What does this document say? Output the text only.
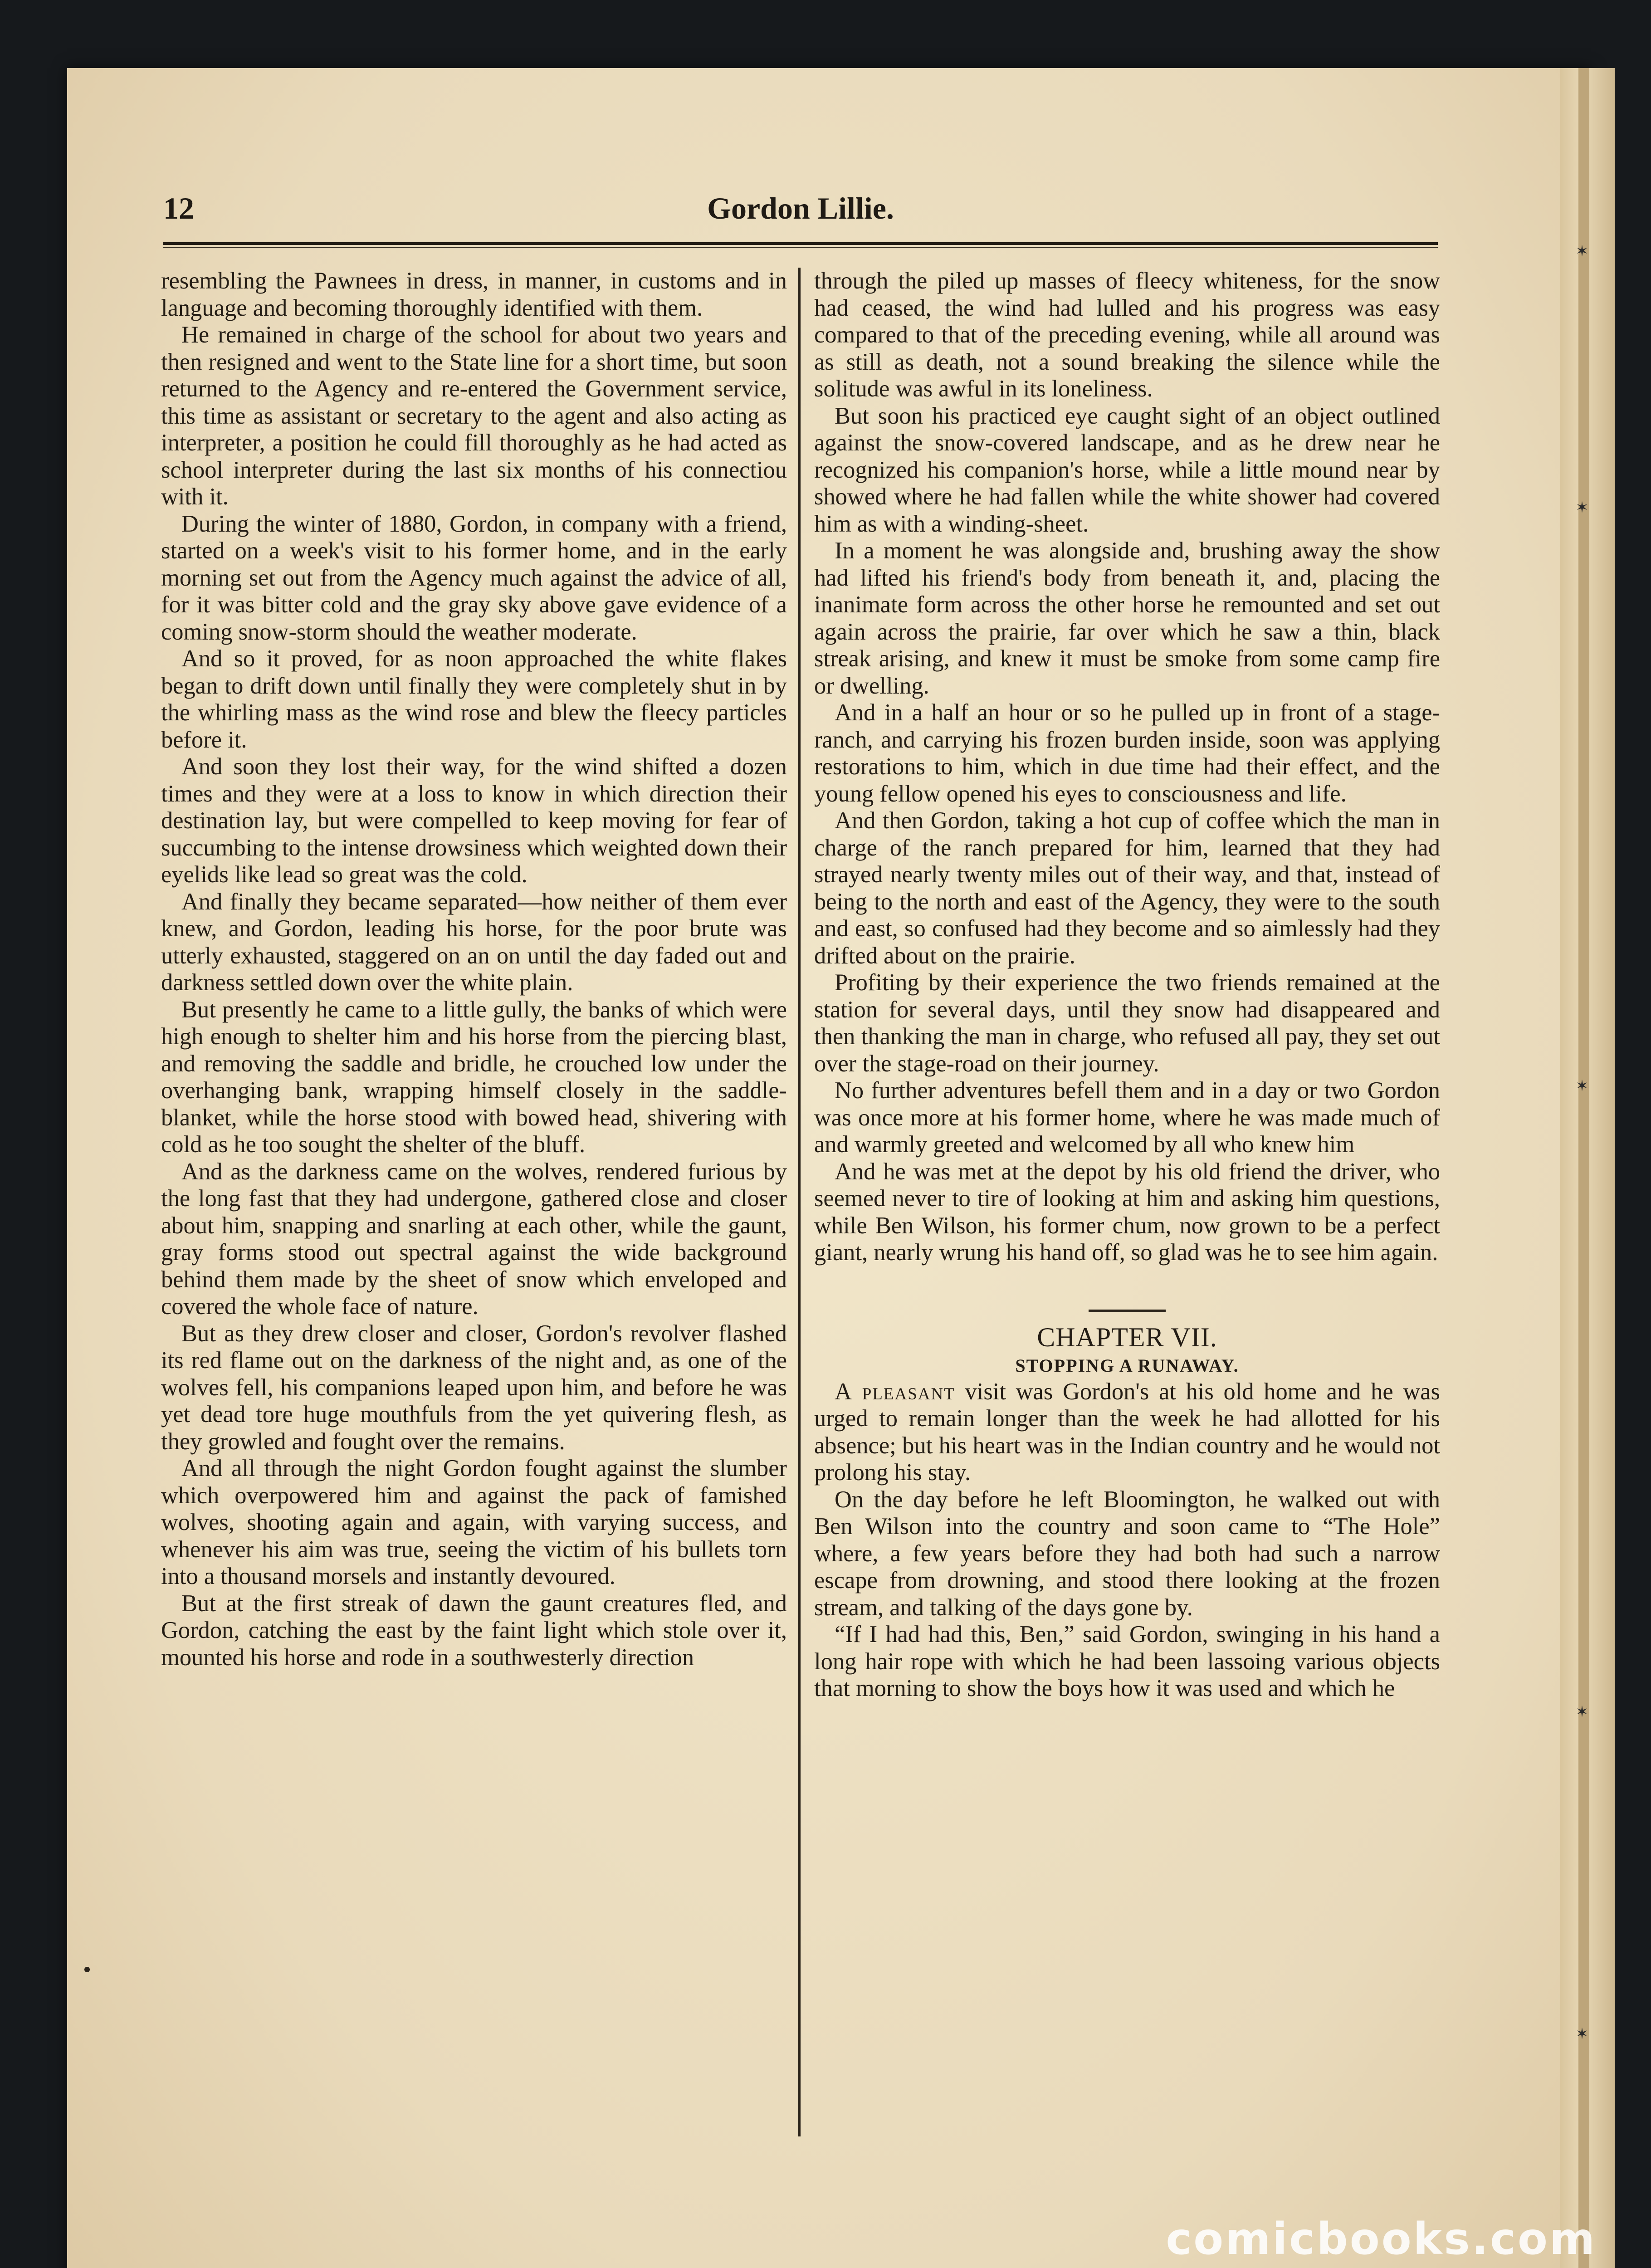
✶
✶
✶
✶
✶
12	Gordon Lillie.

resembling the Pawnees in dress, in manner, in customs and in language and becoming thoroughly identified with them.

He remained in charge of the school for about two years and then resigned and went to the State line for a short time, but soon returned to the Agency and re-entered the Government service, this time as assistant or secretary to the agent and also acting as interpreter, a position he could fill thoroughly as he had acted as school interpreter during the last six months of his connectiou with it.

During the winter of 1880, Gordon, in company with a friend, started on a week's visit to his former home, and in the early morning set out from the Agency much against the advice of all, for it was bitter cold and the gray sky above gave evidence of a coming snow-storm should the weather moderate.

And so it proved, for as noon approached the white flakes began to drift down until finally they were completely shut in by the whirling mass as the wind rose and blew the fleecy particles before it.

And soon they lost their way, for the wind shifted a dozen times and they were at a loss to know in which direction their destination lay, but were compelled to keep moving for fear of succumbing to the intense drowsiness which weighted down their eyelids like lead so great was the cold.

And finally they became separated—how neither of them ever knew, and Gordon, leading his horse, for the poor brute was utterly exhausted, staggered on an on until the day faded out and darkness settled down over the white plain.

But presently he came to a little gully, the banks of which were high enough to shelter him and his horse from the piercing blast, and removing the saddle and bridle, he crouched low under the overhanging bank, wrapping himself closely in the saddle-blanket, while the horse stood with bowed head, shivering with cold as he too sought the shelter of the bluff.

And as the darkness came on the wolves, rendered furious by the long fast that they had undergone, gathered close and closer about him, snapping and snarling at each other, while the gaunt, gray forms stood out spectral against the wide background behind them made by the sheet of snow which enveloped and covered the whole face of nature.

But as they drew closer and closer, Gordon's revolver flashed its red flame out on the darkness of the night and, as one of the wolves fell, his companions leaped upon him, and before he was yet dead tore huge mouthfuls from the yet quivering flesh, as they growled and fought over the remains.

And all through the night Gordon fought against the slumber which overpowered him and against the pack of famished wolves, shooting again and again, with varying success, and whenever his aim was true, seeing the victim of his bullets torn into a thousand morsels and instantly devoured.

But at the first streak of dawn the gaunt creatures fled, and Gordon, catching the east by the faint light which stole over it, mounted his horse and rode in a southwesterly direction

through the piled up masses of fleecy whiteness, for the snow had ceased, the wind had lulled and his progress was easy compared to that of the preceding evening, while all around was as still as death, not a sound breaking the silence while the solitude was awful in its loneliness.

But soon his practiced eye caught sight of an object outlined against the snow-covered landscape, and as he drew near he recognized his companion's horse, while a little mound near by showed where he had fallen while the white shower had covered him as with a winding-sheet.

In a moment he was alongside and, brushing away the show had lifted his friend's body from beneath it, and, placing the inanimate form across the other horse he remounted and set out again across the prairie, far over which he saw a thin, black streak arising, and knew it must be smoke from some camp fire or dwelling.

And in a half an hour or so he pulled up in front of a stage-ranch, and carrying his frozen burden inside, soon was applying restorations to him, which in due time had their effect, and the young fellow opened his eyes to consciousness and life.

And then Gordon, taking a hot cup of coffee which the man in charge of the ranch prepared for him, learned that they had strayed nearly twenty miles out of their way, and that, instead of being to the north and east of the Agency, they were to the south and east, so confused had they become and so aimlessly had they drifted about on the prairie.

Profiting by their experience the two friends remained at the station for several days, until they snow had disappeared and then thanking the man in charge, who refused all pay, they set out over the stage-road on their journey.

No further adventures befell them and in a day or two Gordon was once more at his former home, where he was made much of and warmly greeted and welcomed by all who knew him

And he was met at the depot by his old friend the driver, who seemed never to tire of looking at him and asking him questions, while Ben Wilson, his former chum, now grown to be a perfect giant, nearly wrung his hand off, so glad was he to see him again.

CHAPTER VII.

STOPPING A RUNAWAY.

A pleasant visit was Gordon's at his old home and he was urged to remain longer than the week he had allotted for his absence; but his heart was in the Indian country and he would not prolong his stay.

On the day before he left Bloomington, he walked out with Ben Wilson into the country and soon came to “The Hole” where, a few years before they had both had such a narrow escape from drowning, and stood there looking at the frozen stream, and talking of the days gone by.

“If I had had this, Ben,” said Gordon, swinging in his hand a long hair rope with which he had been lassoing various objects that morning to show the boys how it was used and which he

comicbooks.com
